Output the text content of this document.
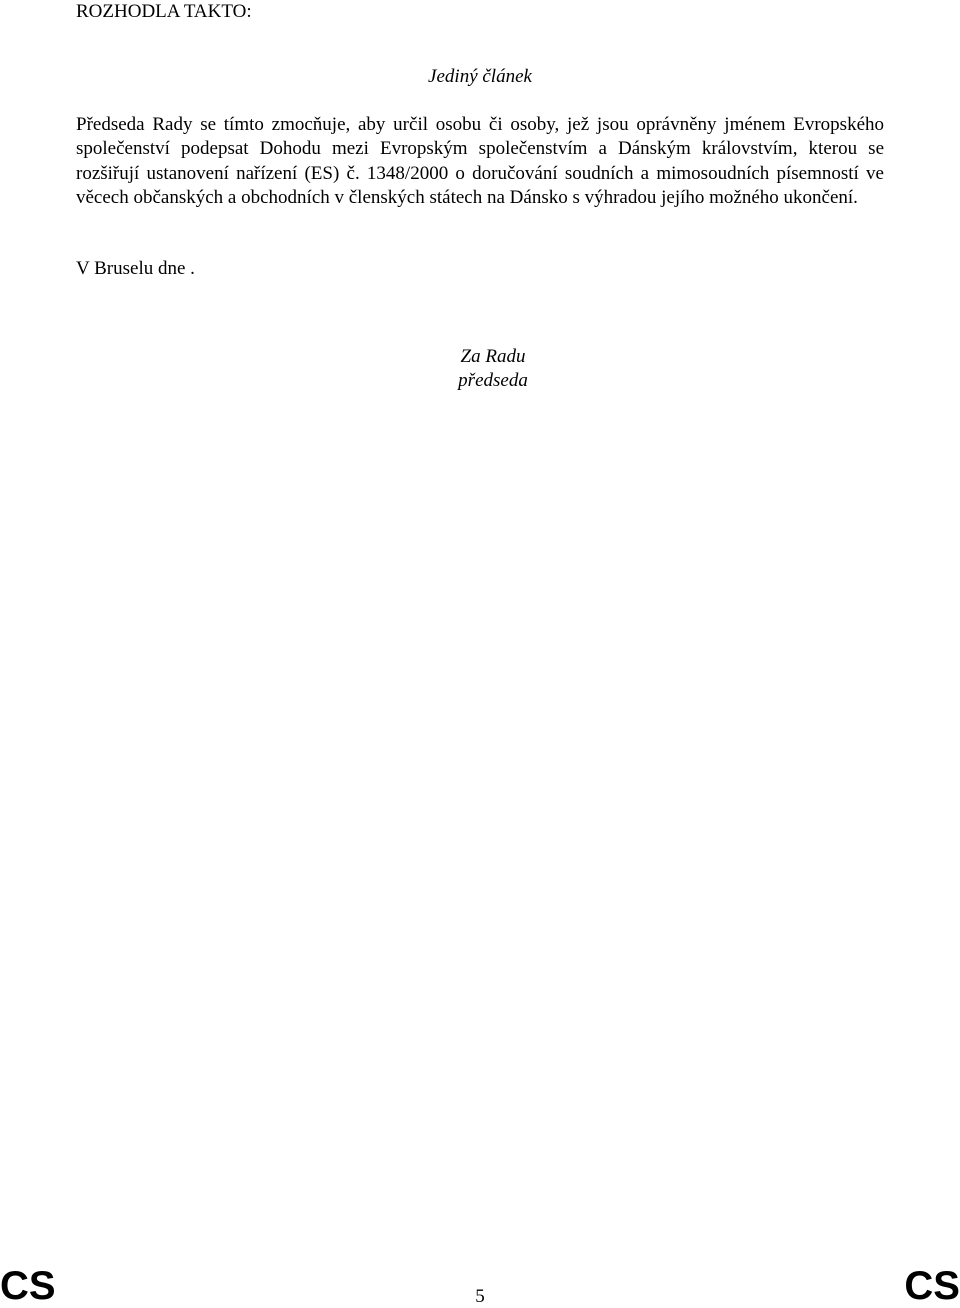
ROZHODLA TAKTO:

Jediný článek

Předseda Rady se tímto zmocňuje, aby určil osobu či osoby, jež jsou oprávněny jménem Evropského společenství podepsat Dohodu mezi Evropským společenstvím a Dánským královstvím, kterou se rozšiřují ustanovení nařízení (ES) č. 1348/2000 o doručování soudních a mimosoudních písemností ve věcech občanských a obchodních v členských státech na Dánsko s výhradou jejího možného ukončení.

V Bruselu dne .

Za Radu
předseda
CS	5	CS
